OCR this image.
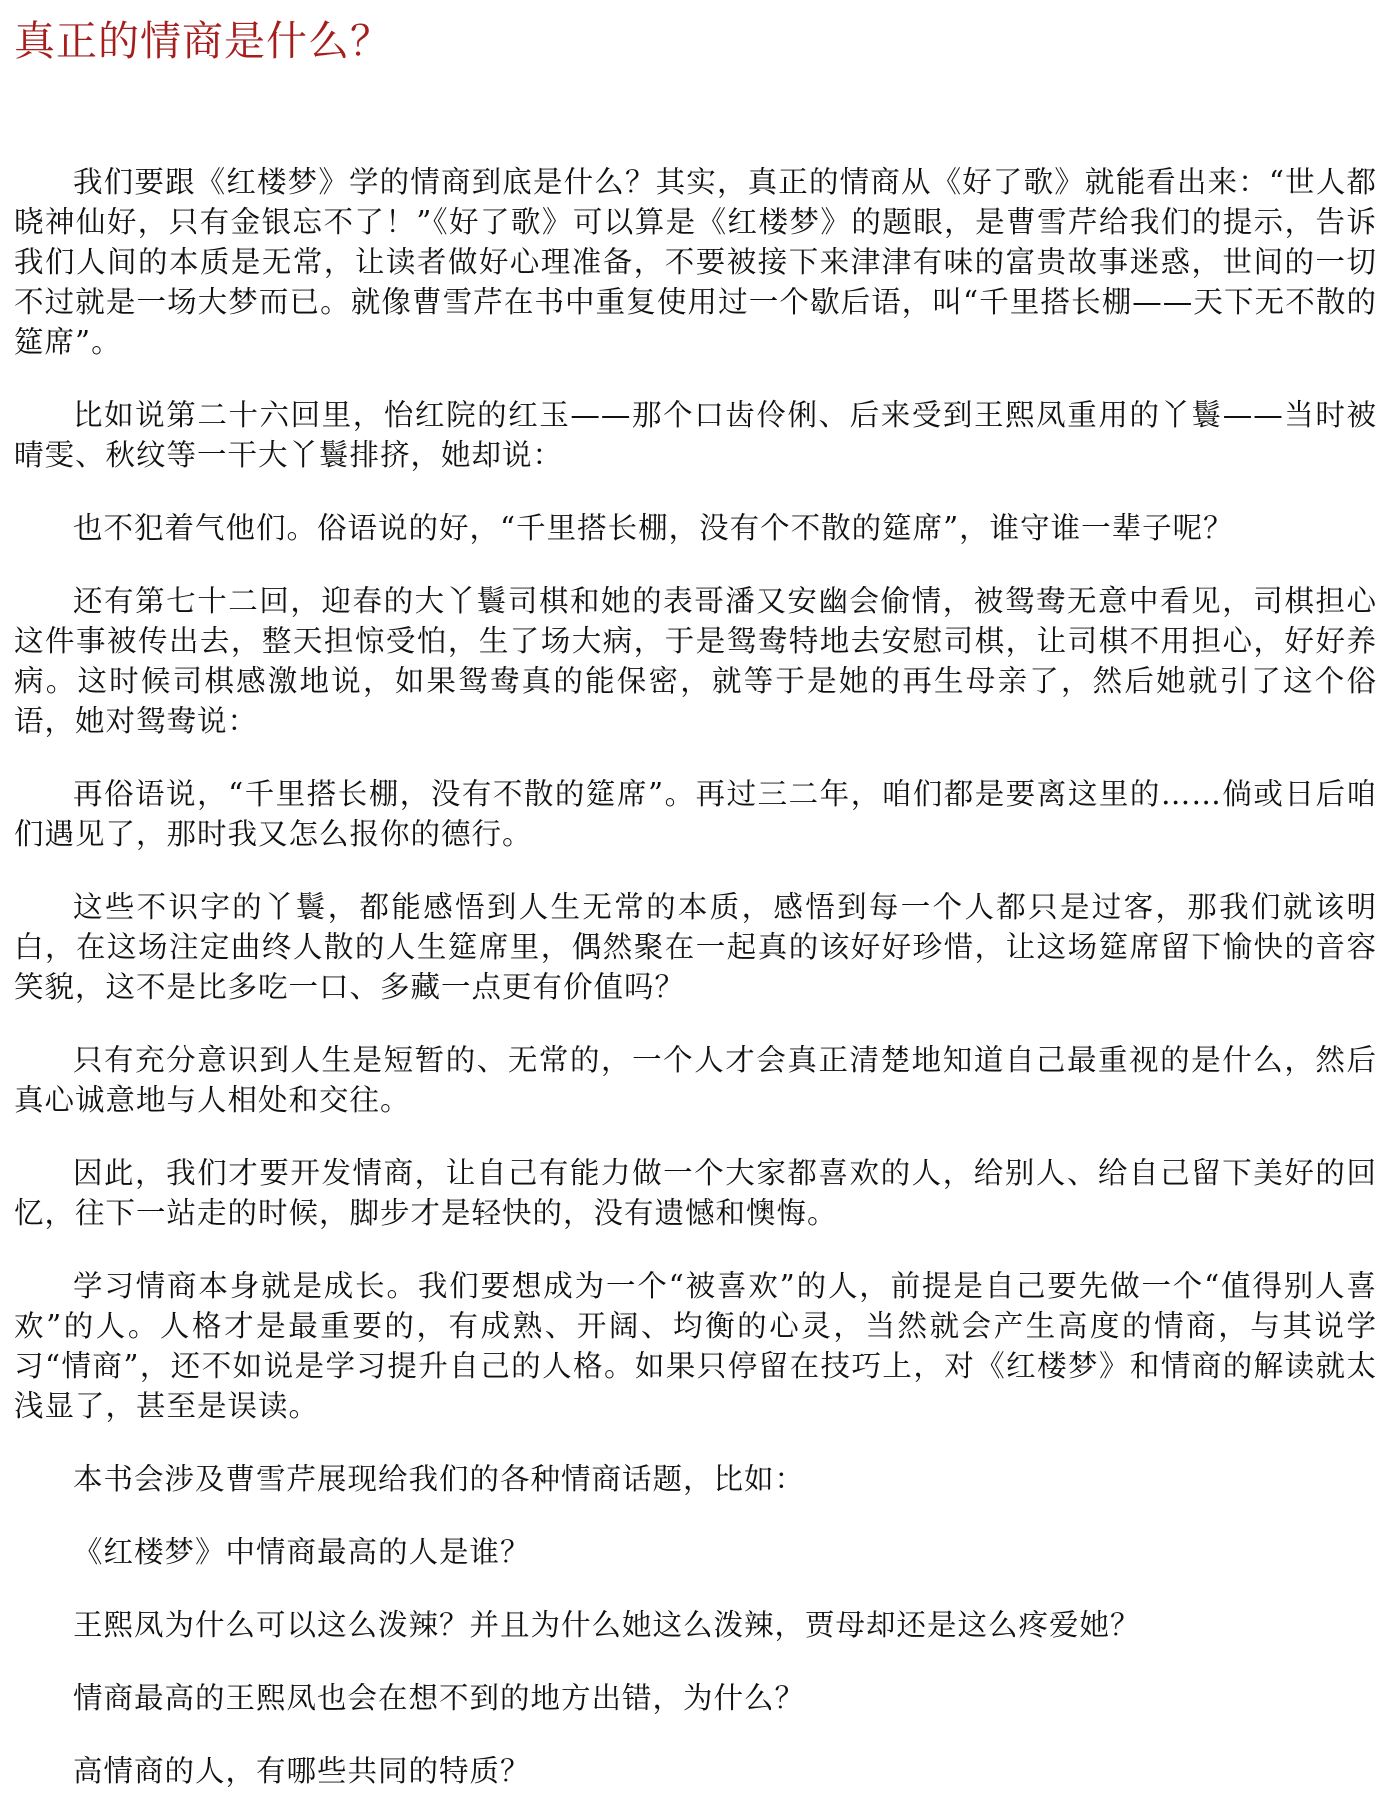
真正的情商是什么？

我们要跟《红楼梦》学的情商到底是什么？其实，真正的情商从《好了歌》就能看出来：“世人都晓神仙好，只有金银忘不了！”《好了歌》可以算是《红楼梦》的题眼，是曹雪芹给我们的提示，告诉我们人间的本质是无常，让读者做好心理准备，不要被接下来津津有味的富贵故事迷惑，世间的一切不过就是一场大梦而已。就像曹雪芹在书中重复使用过一个歇后语，叫“千里搭长棚——天下无不散的筵席”。

比如说第二十六回里，怡红院的红玉——那个口齿伶俐、后来受到王熙凤重用的丫鬟——当时被晴雯、秋纹等一干大丫鬟排挤，她却说：

也不犯着气他们。俗语说的好，“千里搭长棚，没有个不散的筵席”，谁守谁一辈子呢？

还有第七十二回，迎春的大丫鬟司棋和她的表哥潘又安幽会偷情，被鸳鸯无意中看见，司棋担心这件事被传出去，整天担惊受怕，生了场大病，于是鸳鸯特地去安慰司棋，让司棋不用担心，好好养病。这时候司棋感激地说，如果鸳鸯真的能保密，就等于是她的再生母亲了，然后她就引了这个俗语，她对鸳鸯说：

再俗语说，“千里搭长棚，没有不散的筵席”。再过三二年，咱们都是要离这里的……倘或日后咱们遇见了，那时我又怎么报你的德行。

这些不识字的丫鬟，都能感悟到人生无常的本质，感悟到每一个人都只是过客，那我们就该明白，在这场注定曲终人散的人生筵席里，偶然聚在一起真的该好好珍惜，让这场筵席留下愉快的音容笑貌，这不是比多吃一口、多藏一点更有价值吗？

只有充分意识到人生是短暂的、无常的，一个人才会真正清楚地知道自己最重视的是什么，然后真心诚意地与人相处和交往。

因此，我们才要开发情商，让自己有能力做一个大家都喜欢的人，给别人、给自己留下美好的回忆，往下一站走的时候，脚步才是轻快的，没有遗憾和懊悔。

学习情商本身就是成长。我们要想成为一个“被喜欢”的人，前提是自己要先做一个“值得别人喜欢”的人。人格才是最重要的，有成熟、开阔、均衡的心灵，当然就会产生高度的情商，与其说学习“情商”，还不如说是学习提升自己的人格。如果只停留在技巧上，对《红楼梦》和情商的解读就太浅显了，甚至是误读。

本书会涉及曹雪芹展现给我们的各种情商话题，比如：

《红楼梦》中情商最高的人是谁？

王熙凤为什么可以这么泼辣？并且为什么她这么泼辣，贾母却还是这么疼爱她？

情商最高的王熙凤也会在想不到的地方出错，为什么？

高情商的人，有哪些共同的特质？
